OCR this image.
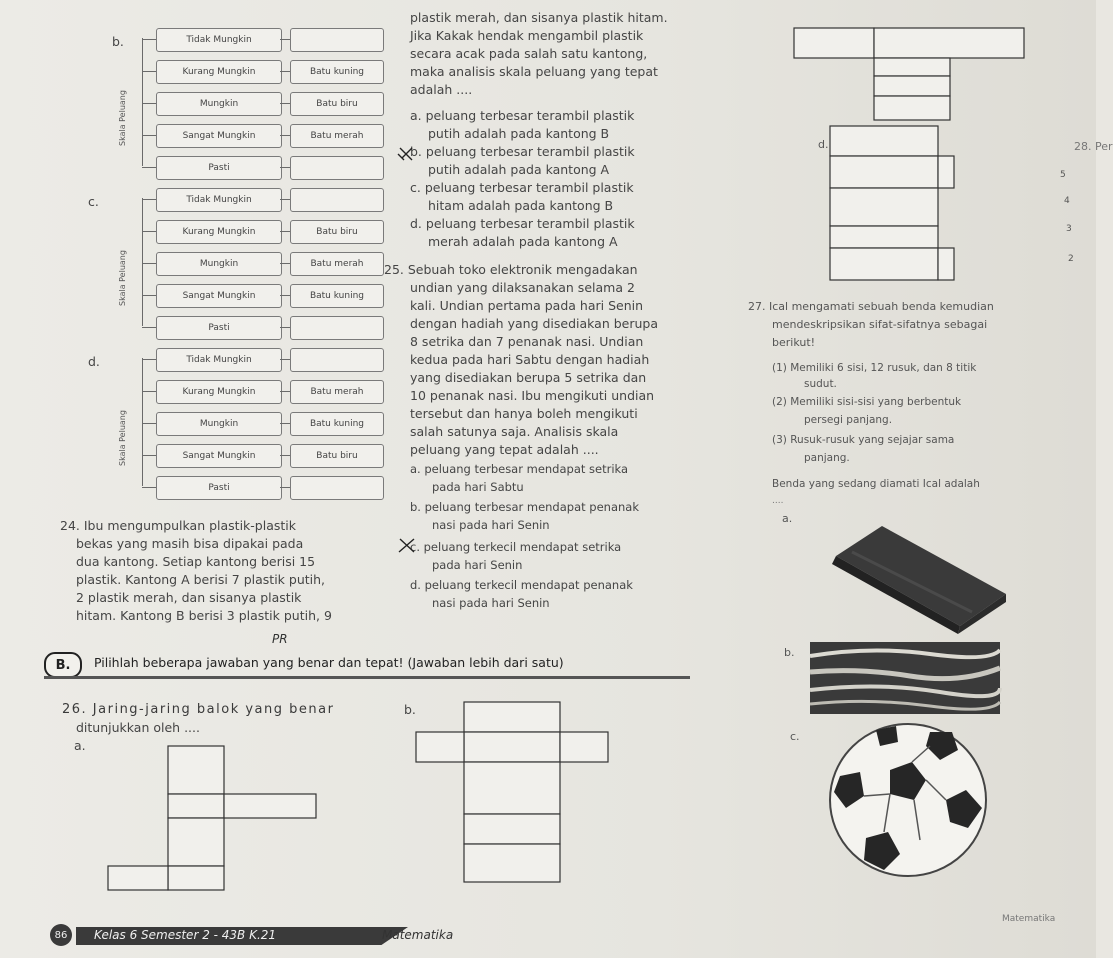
b.
Skala Peluang
Tidak Mungkin
Kurang Mungkin	Batu kuning
Mungkin	Batu biru
Sangat Mungkin	Batu merah
Pasti
c.
Skala Peluang
Tidak Mungkin
Kurang Mungkin	Batu biru
Mungkin	Batu merah
Sangat Mungkin	Batu kuning
Pasti
d.
Skala Peluang
Tidak Mungkin
Kurang Mungkin	Batu merah
Mungkin	Batu kuning
Sangat Mungkin	Batu biru
Pasti
24. Ibu mengumpulkan plastik-plastik
bekas yang masih bisa dipakai pada
dua kantong. Setiap kantong berisi 15
plastik. Kantong A berisi 7 plastik putih,
2 plastik merah, dan sisanya plastik
hitam. Kantong B berisi 3 plastik putih, 9
plastik merah, dan sisanya plastik hitam.
Jika Kakak hendak mengambil plastik
secara acak pada salah satu kantong,
maka analisis skala peluang yang tepat
adalah ....
a. peluang terbesar terambil plastik
putih adalah pada kantong B
b. peluang terbesar terambil plastik
putih adalah pada kantong A
c. peluang terbesar terambil plastik
hitam adalah pada kantong B
d. peluang terbesar terambil plastik
merah adalah pada kantong A
25. Sebuah toko elektronik mengadakan
undian yang dilaksanakan selama 2
kali. Undian pertama pada hari Senin
dengan hadiah yang disediakan berupa
8 setrika dan 7 penanak nasi. Undian
kedua pada hari Sabtu dengan hadiah
yang disediakan berupa 5 setrika dan
10 penanak nasi. Ibu mengikuti undian
tersebut dan hanya boleh mengikuti
salah satunya saja. Analisis skala
peluang yang tepat adalah ....
a. peluang terbesar mendapat setrika
pada hari Sabtu
b. peluang terbesar mendapat penanak
nasi pada hari Senin
c. peluang terkecil mendapat setrika
pada hari Senin
d. peluang terkecil mendapat penanak
nasi pada hari Senin
PR
B.	Pilihlah beberapa jawaban yang benar dan tepat! (Jawaban lebih dari satu)
26. Jaring-jaring balok yang benar
ditunjukkan oleh ....
a.
b.
d.	28. Per
5
4
3
2
27. Ical mengamati sebuah benda kemudian
mendeskripsikan sifat-sifatnya sebagai
berikut!
(1) Memiliki 6 sisi, 12 rusuk, dan 8 titik
sudut.
(2) Memiliki sisi-sisi yang berbentuk
persegi panjang.
(3) Rusuk-rusuk yang sejajar sama
panjang.
Benda yang sedang diamati Ical adalah
....
a.
b.
c.
86	Kelas 6 Semester 2 - 43B K.21	Matematika
Matematika
